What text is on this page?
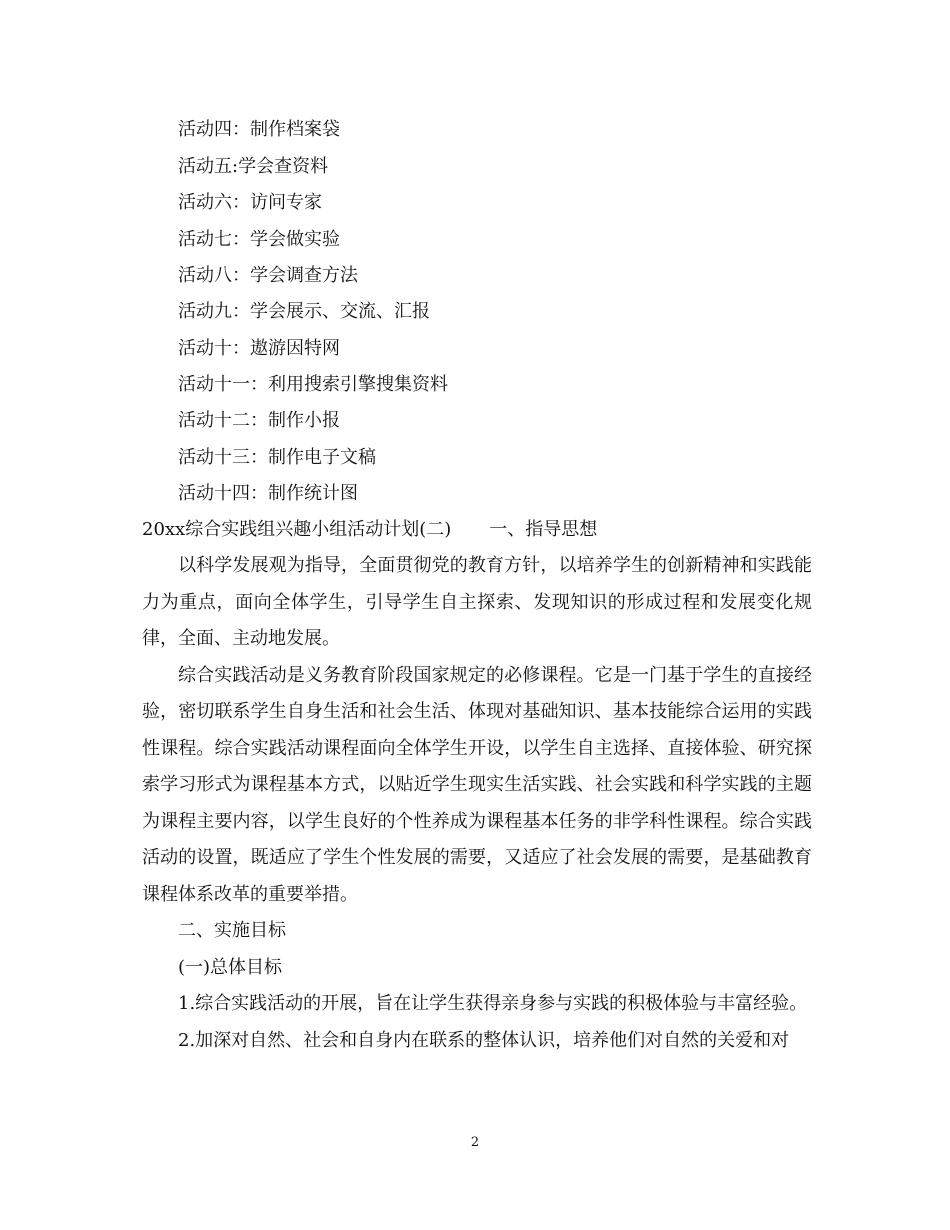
活动四：制作档案袋
活动五:学会查资料
活动六：访问专家
活动七：学会做实验
活动八：学会调查方法
活动九：学会展示、交流、汇报
活动十：遨游因特网
活动十一：利用搜索引擎搜集资料
活动十二：制作小报
活动十三：制作电子文稿
活动十四：制作统计图
20xx综合实践组兴趣小组活动计划(二) 一、指导思想

以科学发展观为指导，全面贯彻党的教育方针，以培养学生的创新精神和实践能力为重点，面向全体学生，引导学生自主探索、发现知识的形成过程和发展变化规律，全面、主动地发展。

综合实践活动是义务教育阶段国家规定的必修课程。它是一门基于学生的直接经验，密切联系学生自身生活和社会生活、体现对基础知识、基本技能综合运用的实践性课程。综合实践活动课程面向全体学生开设，以学生自主选择、直接体验、研究探索学习形式为课程基本方式，以贴近学生现实生活实践、社会实践和科学实践的主题为课程主要内容，以学生良好的个性养成为课程基本任务的非学科性课程。综合实践活动的设置，既适应了学生个性发展的需要，又适应了社会发展的需要，是基础教育课程体系改革的重要举措。

二、实施目标

(一)总体目标

1.综合实践活动的开展，旨在让学生获得亲身参与实践的积极体验与丰富经验。

2.加深对自然、社会和自身内在联系的整体认识，培养他们对自然的关爱和对

2
